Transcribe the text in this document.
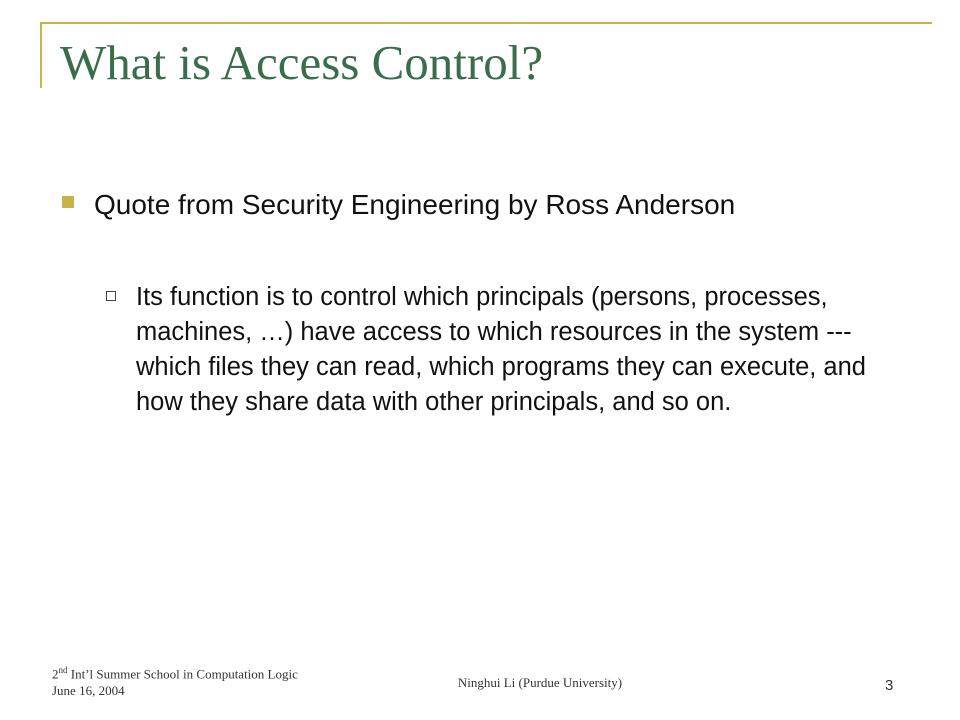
What is Access Control?
Quote from Security Engineering by Ross Anderson
Its function is to control which principals (persons, processes, machines, …) have access to which resources in the system --- which files they can read, which programs they can execute, and how they share data with other principals, and so on.
2nd Int’l Summer School in Computation Logic
June 16, 2004
Ninghui Li (Purdue University)	3
